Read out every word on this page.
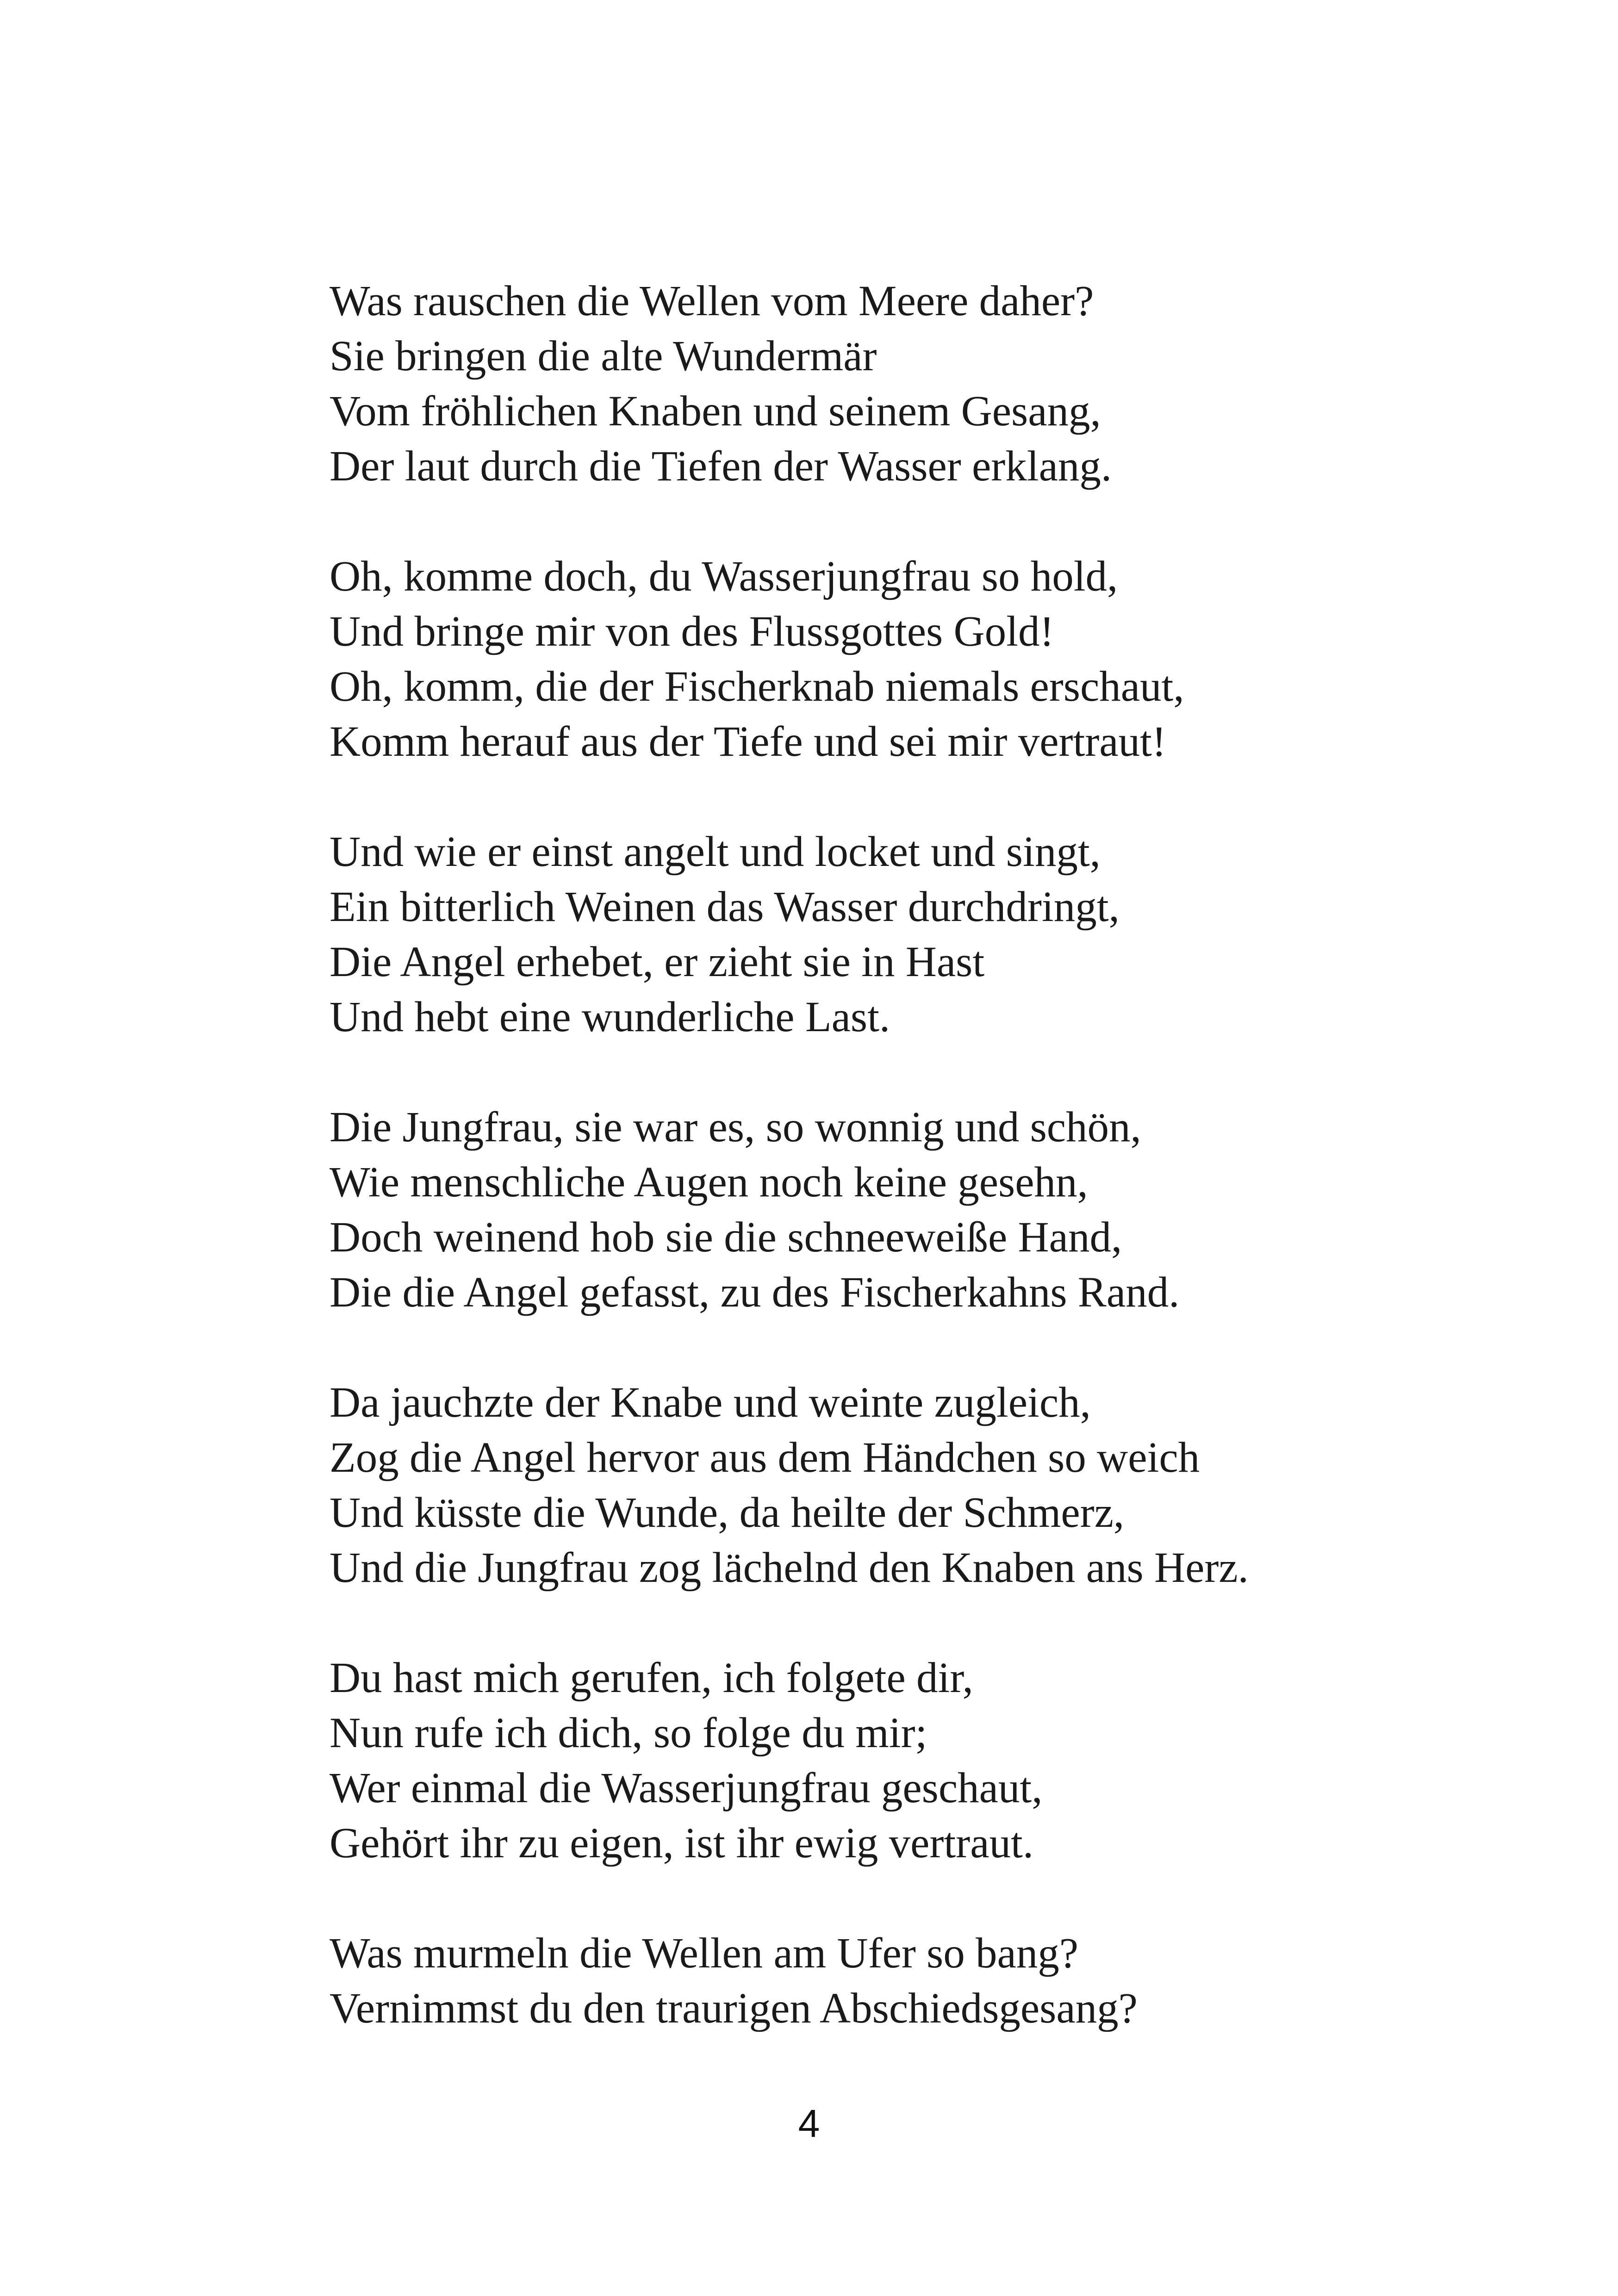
Was rauschen die Wellen vom Meere daher?
Sie bringen die alte Wundermär
Vom fröhlichen Knaben und seinem Gesang,
Der laut durch die Tiefen der Wasser erklang.
Oh, komme doch, du Wasserjungfrau so hold,
Und bringe mir von des Flussgottes Gold!
Oh, komm, die der Fischerknab niemals erschaut,
Komm herauf aus der Tiefe und sei mir vertraut!
Und wie er einst angelt und locket und singt,
Ein bitterlich Weinen das Wasser durchdringt,
Die Angel erhebet, er zieht sie in Hast
Und hebt eine wunderliche Last.
Die Jungfrau, sie war es, so wonnig und schön,
Wie menschliche Augen noch keine gesehn,
Doch weinend hob sie die schneeweiße Hand,
Die die Angel gefasst, zu des Fischerkahns Rand.
Da jauchzte der Knabe und weinte zugleich,
Zog die Angel hervor aus dem Händchen so weich
Und küsste die Wunde, da heilte der Schmerz,
Und die Jungfrau zog lächelnd den Knaben ans Herz.
Du hast mich gerufen, ich folgete dir,
Nun rufe ich dich, so folge du mir;
Wer einmal die Wasserjungfrau geschaut,
Gehört ihr zu eigen, ist ihr ewig vertraut.
Was murmeln die Wellen am Ufer so bang?
Vernimmst du den traurigen Abschiedsgesang?
4
